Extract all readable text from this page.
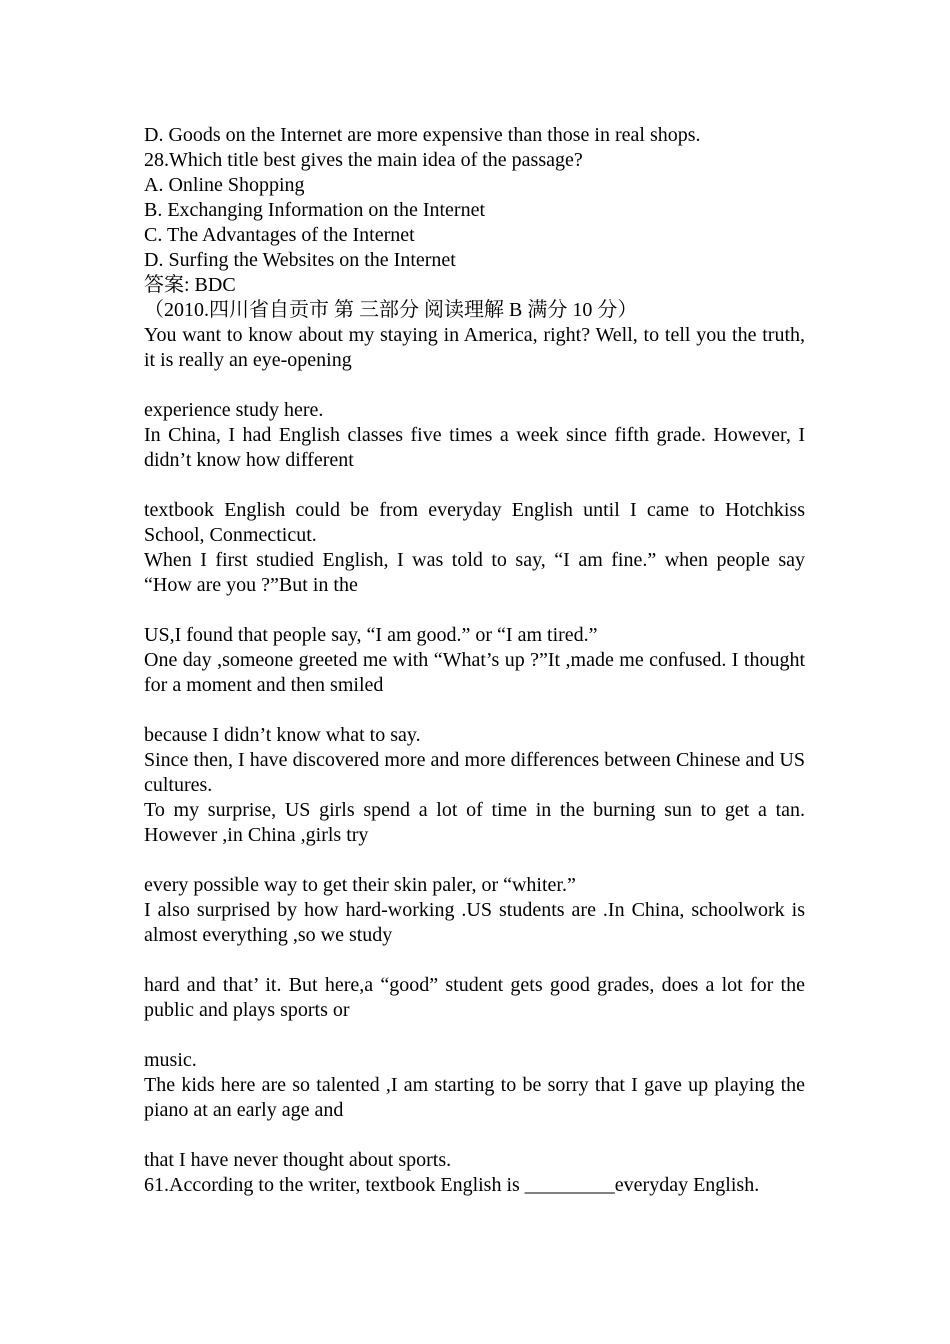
D. Goods on the Internet are more expensive than those in real shops.

28.Which title best gives the main idea of the passage?

A. Online Shopping

B. Exchanging Information on the Internet

C. The Advantages of the Internet

D. Surfing the Websites on the Internet

答案: BDC

（2010.四川省自贡市 第 三部分 阅读理解 B 满分 10 分）

You want to know about my staying in America, right? Well, to tell you the truth, it is really an eye-opening

experience study here.

In China, I had English classes five times a week since fifth grade. However, I didn’t know how different

textbook English could be from everyday English until I came to Hotchkiss School, Conmecticut.

When I first studied English, I was told to say, “I am fine.” when people say “How are you ?”But in the

US,I found that people say, “I am good.” or “I am tired.”

One day ,someone greeted me with “What’s up ?”It ,made me confused. I thought for a moment and then smiled

because I didn’t know what to say.

Since then, I have discovered more and more differences between Chinese and US cultures.

To my surprise, US girls spend a lot of time in the burning sun to get a tan. However ,in China ,girls try

every possible way to get their skin paler, or “whiter.”

I also surprised by how hard-working .US students are .In China, schoolwork is almost everything ,so we study

hard and that’ it. But here,a “good” student gets good grades, does a lot for the public and plays sports or

music.

The kids here are so talented ,I am starting to be sorry that I gave up playing the piano at an early age and

that I have never thought about sports.

61.According to the writer, textbook English is _________everyday English.
